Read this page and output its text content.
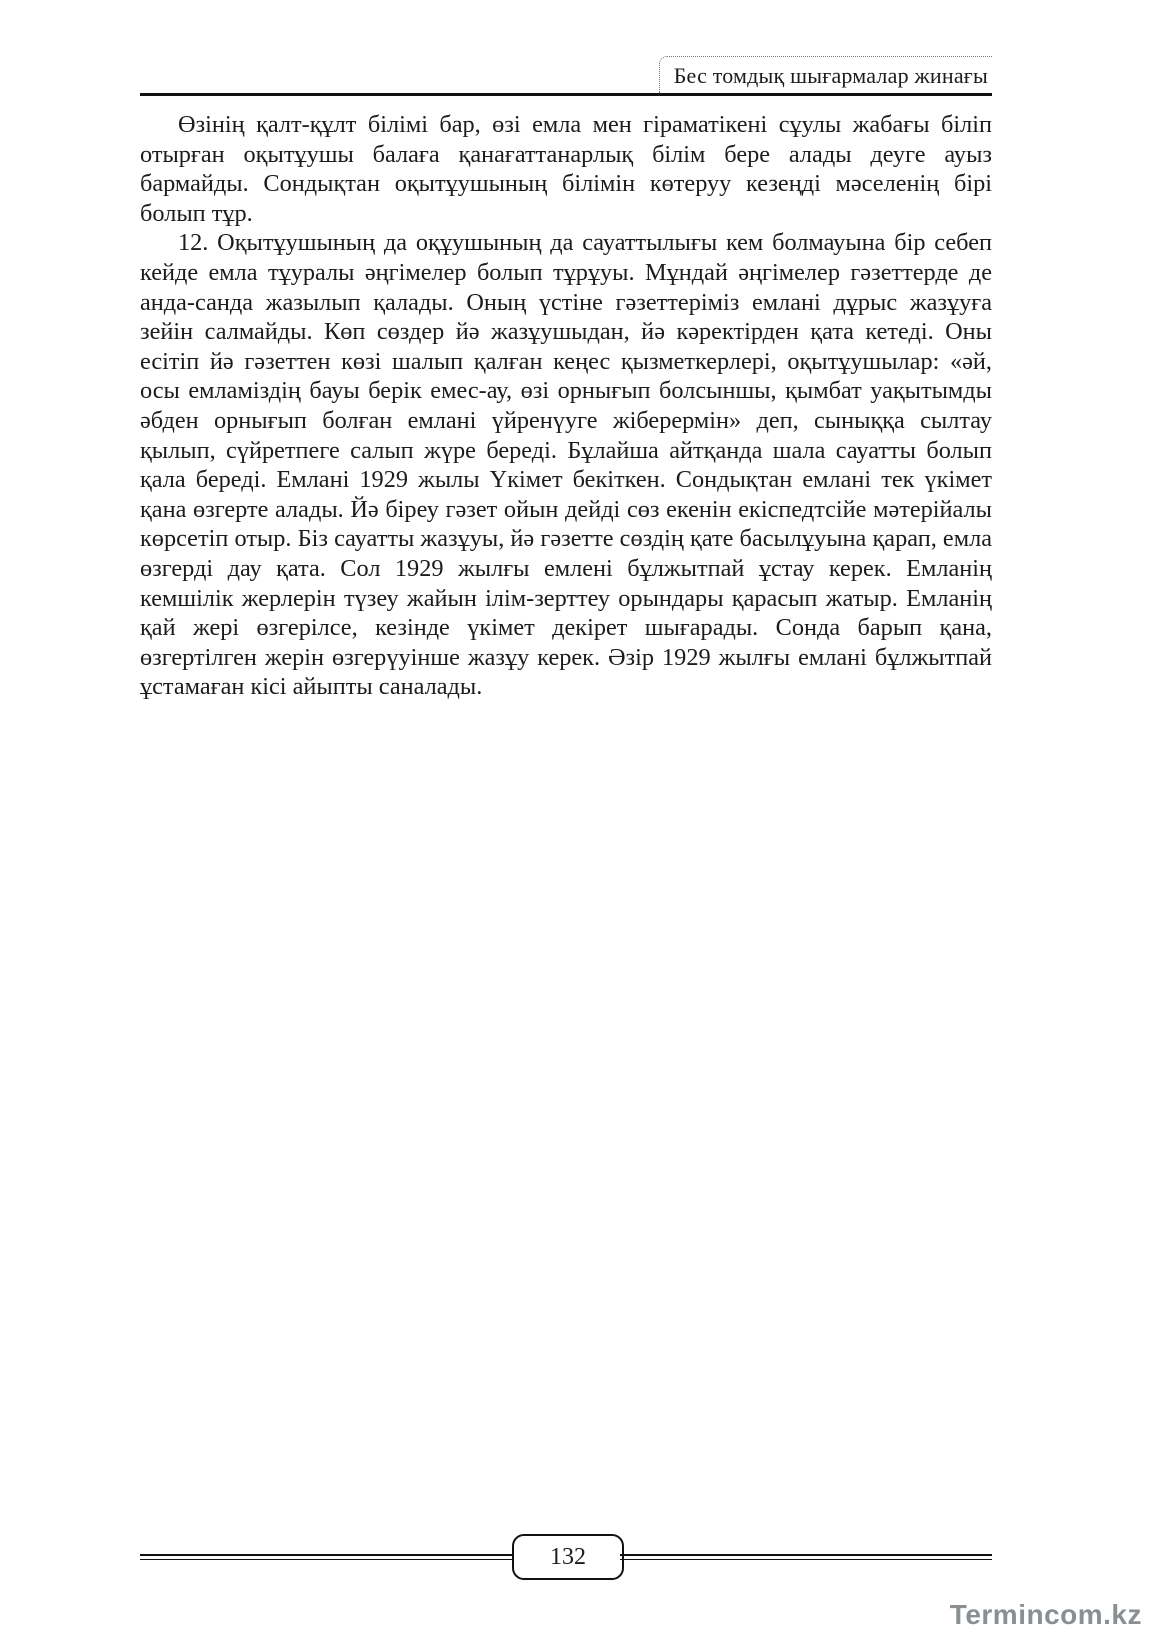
Бес томдық шығармалар жинағы

Өзінің қалт-құлт білімі бар, өзі емла мен гіраматікені сұулы жабағы біліп отырған оқытұушы балаға қанағаттанарлық білім бере алады деуге ауыз бармайды. Сондықтан оқытұушының білімін көтеруу кезеңді мәселенің бірі болып тұр.

12. Оқытұушының да оқұушының да сауаттылығы кем болмауына бір себеп кейде емла тұуралы әңгімелер болып тұрұуы. Мұндай әңгімелер гәзеттерде де анда-санда жазылып қалады. Оның үстіне гәзеттеріміз емлані дұрыс жазұуға зейін салмайды. Көп сөздер йә жазұушыдан, йә кәректірден қата кетеді. Оны есітіп йә гәзеттен көзі шалып қалған кеңес қызметкерлері, оқытұушылар: «әй, осы емламіздің бауы берік емес-ау, өзі орнығып болсыншы, қымбат уақытымды әбден орнығып болған емлані үйренүуге жіберермін» деп, сыныққа сылтау қылып, сүйретпеге салып жүре береді. Бұлайша айтқанда шала сауатты болып қала береді. Емлані 1929 жылы Үкімет бекіткен. Сондықтан емлані тек үкімет қана өзгерте алады. Йә біреу гәзет ойын дейді сөз екенін екіспедтсійе мәтерійалы көрсетіп отыр. Біз сауатты жазұуы, йә гәзетте сөздің қате басылұуына қарап, емла өзгерді дау қата. Сол 1929 жылғы емлені бұлжытпай ұстау керек. Емланің кемшілік жерлерін түзеу жайын ілім-зерттеу орындары қарасып жатыр. Емланің қай жері өзгерілсе, кезінде үкімет декірет шығарады. Сонда барып қана, өзгертілген жерін өзгерүуінше жазұу керек. Әзір 1929 жылғы емлані бұлжытпай ұстамаған кісі айыпты саналады.

132
Termincom.kz
